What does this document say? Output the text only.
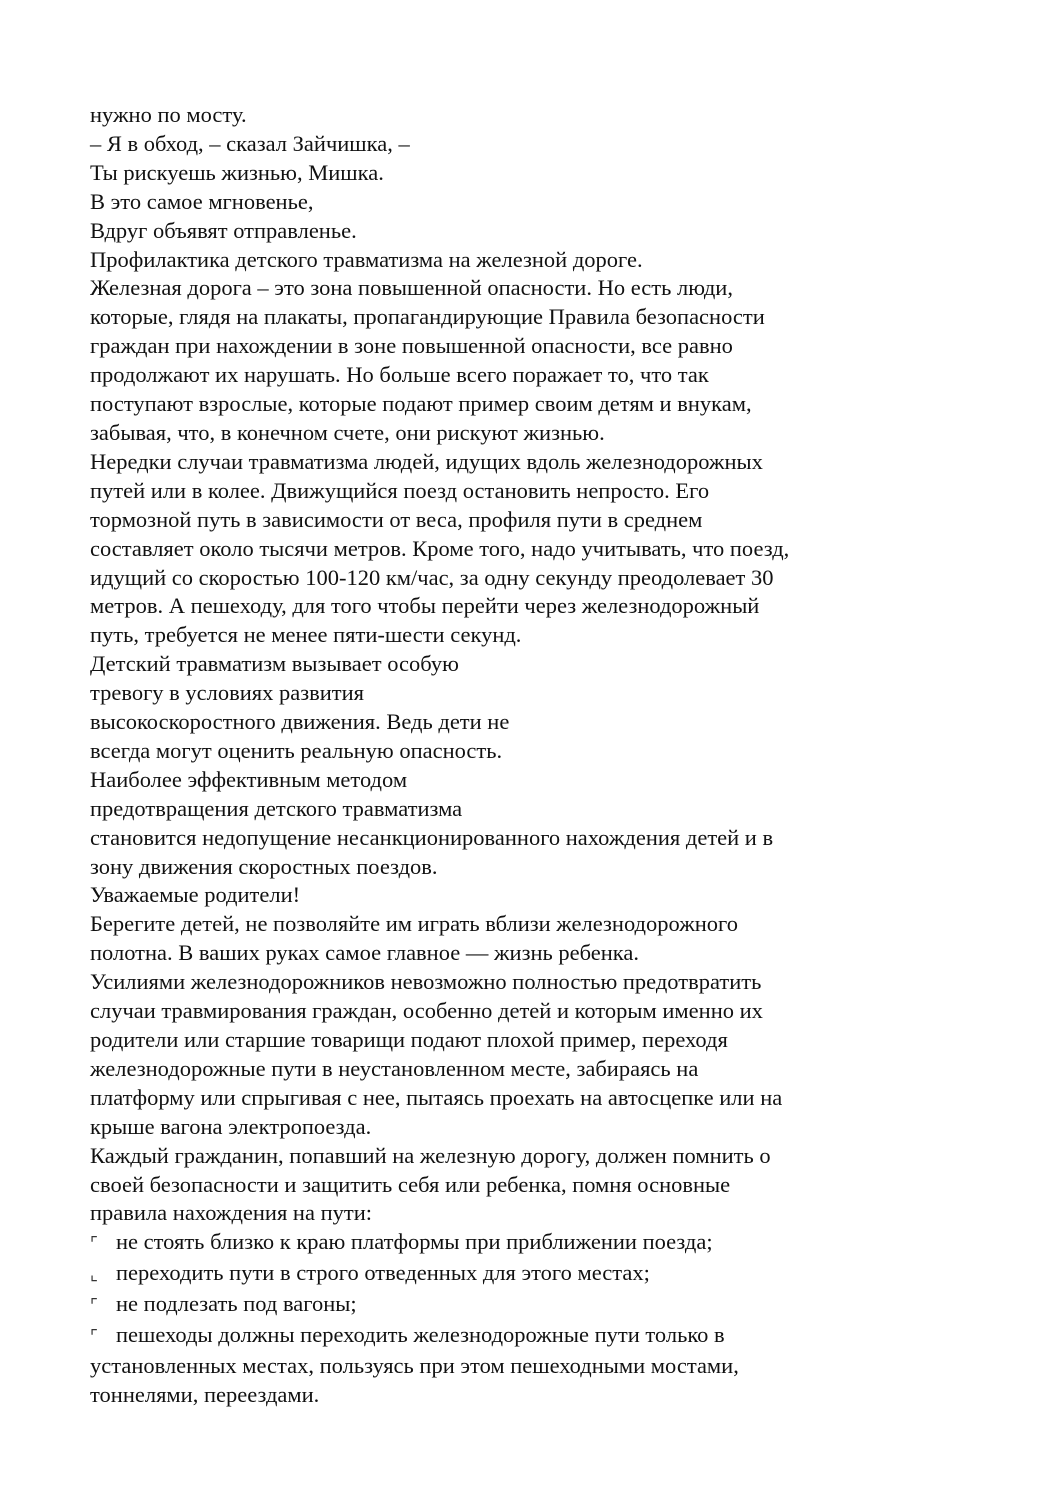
нужно по мосту.
– Я в обход, – сказал Зайчишка, –
Ты рискуешь жизнью, Мишка.
В это самое мгновенье,
Вдруг объявят отправленье.
Профилактика детского травматизма на железной дороге.
Железная дорога – это зона повышенной опасности. Но есть люди,
которые, глядя на плакаты, пропагандирующие Правила безопасности
граждан при нахождении в зоне повышенной опасности, все равно
продолжают их нарушать. Но больше всего поражает то, что так
поступают взрослые, которые подают пример своим детям и внукам,
забывая, что, в конечном счете, они рискуют жизнью.
Нередки случаи травматизма людей, идущих вдоль железнодорожных
путей или в колее. Движущийся поезд остановить непросто. Его
тормозной путь в зависимости от веса, профиля пути в среднем
составляет около тысячи метров. Кроме того, надо учитывать, что поезд,
идущий со скоростью 100-120 км/час, за одну секунду преодолевает 30
метров. А пешеходу, для того чтобы перейти через железнодорожный
путь, требуется не менее пяти-шести секунд.
Детский травматизм вызывает особую
тревогу в условиях развития
высокоскоростного движения. Ведь дети не
всегда могут оценить реальную опасность.
Наиболее эффективным методом
предотвращения детского травматизма
становится недопущение несанкционированного нахождения детей и в
зону движения скоростных поездов.
Уважаемые родители!
Берегите детей, не позволяйте им играть вблизи железнодорожного
полотна. В ваших руках самое главное — жизнь ребенка.
Усилиями железнодорожников невозможно полностью предотвратить
случаи травмирования граждан, особенно детей и которым именно их
родители или старшие товарищи подают плохой пример, переходя
железнодорожные пути в неустановленном месте, забираясь на
платформу или спрыгивая с нее, пытаясь проехать на автосцепке или на
крыше вагона электропоезда.
Каждый гражданин, попавший на железную дорогу, должен помнить о
своей безопасности и защитить себя или ребенка, помня основные
правила нахождения на пути:
⌜ не стоять близко к краю платформы при приближении поезда;
⌞ переходить пути в строго отведенных для этого местах;
⌜ не подлезать под вагоны;
⌜ пешеходы должны переходить железнодорожные пути только в
установленных местах, пользуясь при этом пешеходными мостами,
тоннелями, переездами.
